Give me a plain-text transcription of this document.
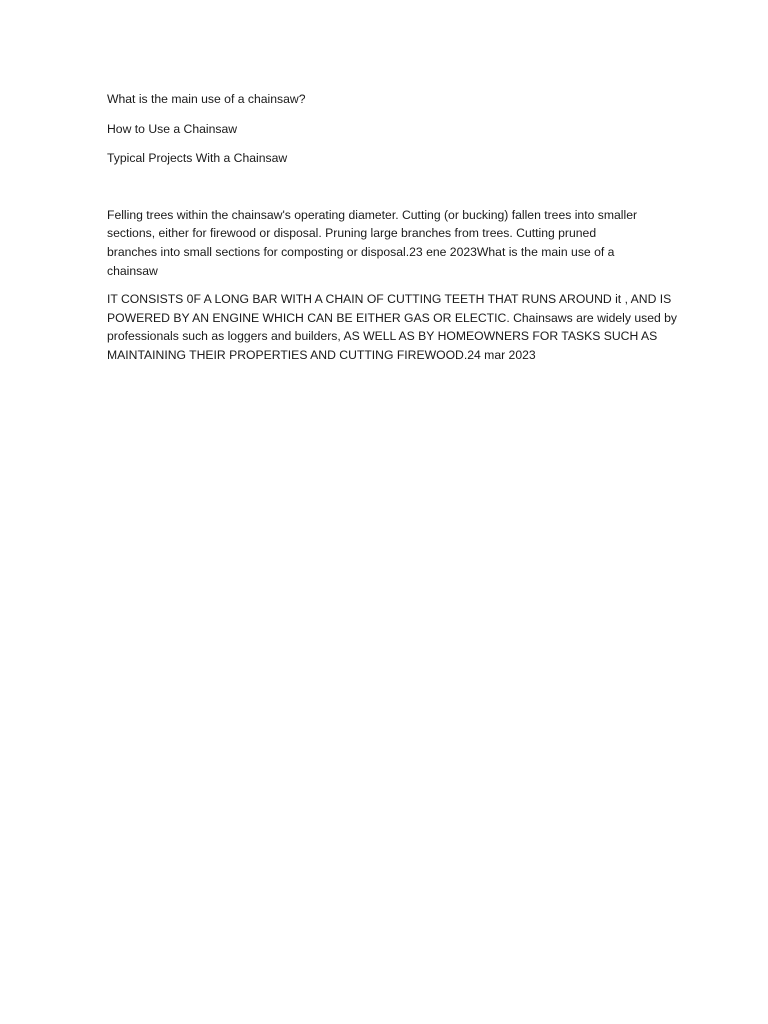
What is the main use of a chainsaw?

How to Use a Chainsaw

Typical Projects With a Chainsaw

Felling trees within the chainsaw's operating diameter. Cutting (or bucking) fallen trees into smaller
sections, either for firewood or disposal. Pruning large branches from trees. Cutting pruned
branches into small sections for composting or disposal.23 ene 2023What is the main use of a
chainsaw
IT CONSISTS 0F A LONG BAR WITH A CHAIN OF CUTTING TEETH THAT RUNS AROUND it , AND IS
POWERED BY AN ENGINE WHICH CAN BE EITHER GAS OR ELECTIC. Chainsaws are widely used by
professionals such as loggers and builders, AS WELL AS BY HOMEOWNERS FOR TASKS SUCH AS
MAINTAINING THEIR PROPERTIES AND CUTTING FIREWOOD.24 mar 2023
